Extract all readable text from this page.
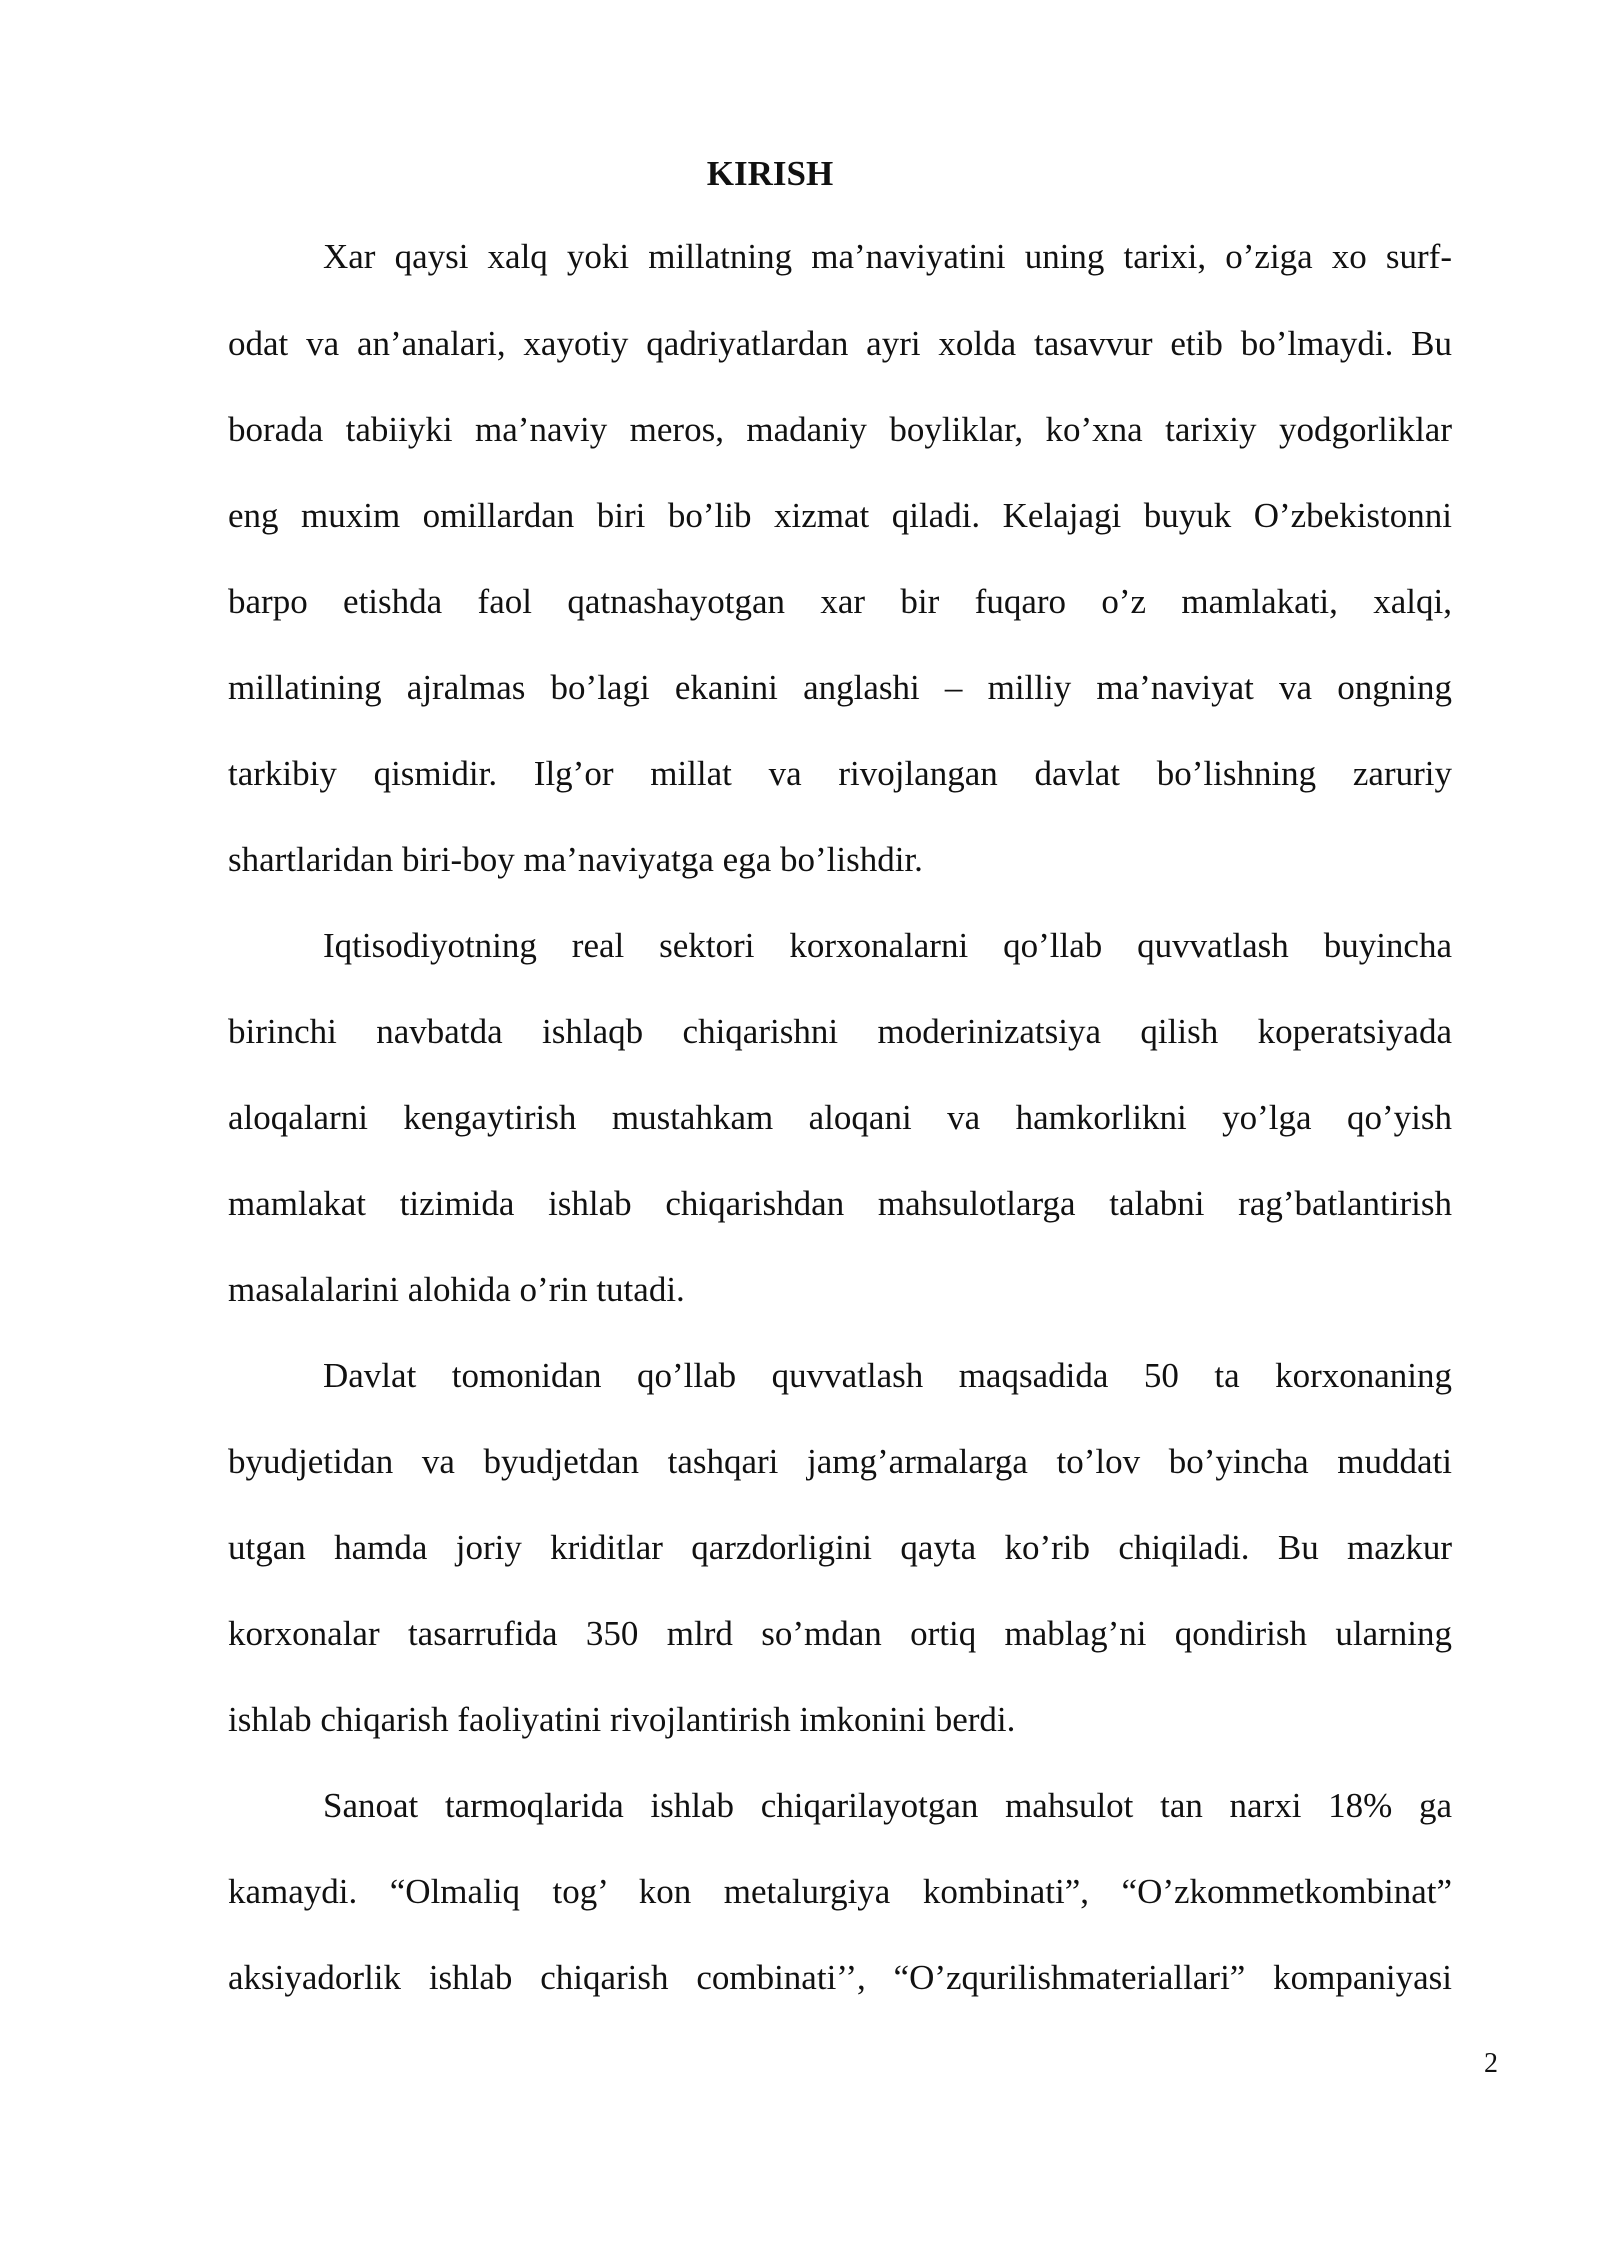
KIRISH
Xar qaysi xalq yoki millatning ma’naviyatini uning tarixi, o’ziga xo surf-
odat va an’analari, xayotiy qadriyatlardan ayri xolda tasavvur etib bo’lmaydi. Bu
borada tabiiyki ma’naviy meros, madaniy boyliklar, ko’xna tarixiy yodgorliklar
eng muxim omillardan biri bo’lib xizmat qiladi. Kelajagi buyuk O’zbekistonni
barpo etishda faol qatnashayotgan xar bir fuqaro o’z mamlakati, xalqi,
millatining ajralmas bo’lagi ekanini anglashi – milliy ma’naviyat va ongning
tarkibiy qismidir. Ilg’or millat va rivojlangan davlat bo’lishning zaruriy
shartlaridan biri-boy ma’naviyatga ega bo’lishdir.
Iqtisodiyotning real sektori korxonalarni qo’llab quvvatlash buyincha
birinchi navbatda ishlaqb chiqarishni moderinizatsiya qilish koperatsiyada
aloqalarni kengaytirish mustahkam aloqani va hamkorlikni yo’lga qo’yish
mamlakat tizimida ishlab chiqarishdan mahsulotlarga talabni rag’batlantirish
masalalarini alohida o’rin tutadi.
Davlat tomonidan qo’llab quvvatlash maqsadida 50 ta korxonaning
byudjetidan va byudjetdan tashqari jamg’armalarga to’lov bo’yincha muddati
utgan hamda joriy kriditlar qarzdorligini qayta ko’rib chiqiladi. Bu mazkur
korxonalar tasarrufida 350 mlrd so’mdan ortiq mablag’ni qondirish ularning
ishlab chiqarish faoliyatini rivojlantirish imkonini berdi.
Sanoat tarmoqlarida ishlab chiqarilayotgan mahsulot tan narxi 18% ga
kamaydi. “Olmaliq tog’ kon metalurgiya kombinati”, “O’zkommetkombinat”
aksiyadorlik ishlab chiqarish combinati’’, “O’zqurilishmateriallari” kompaniyasi
2
